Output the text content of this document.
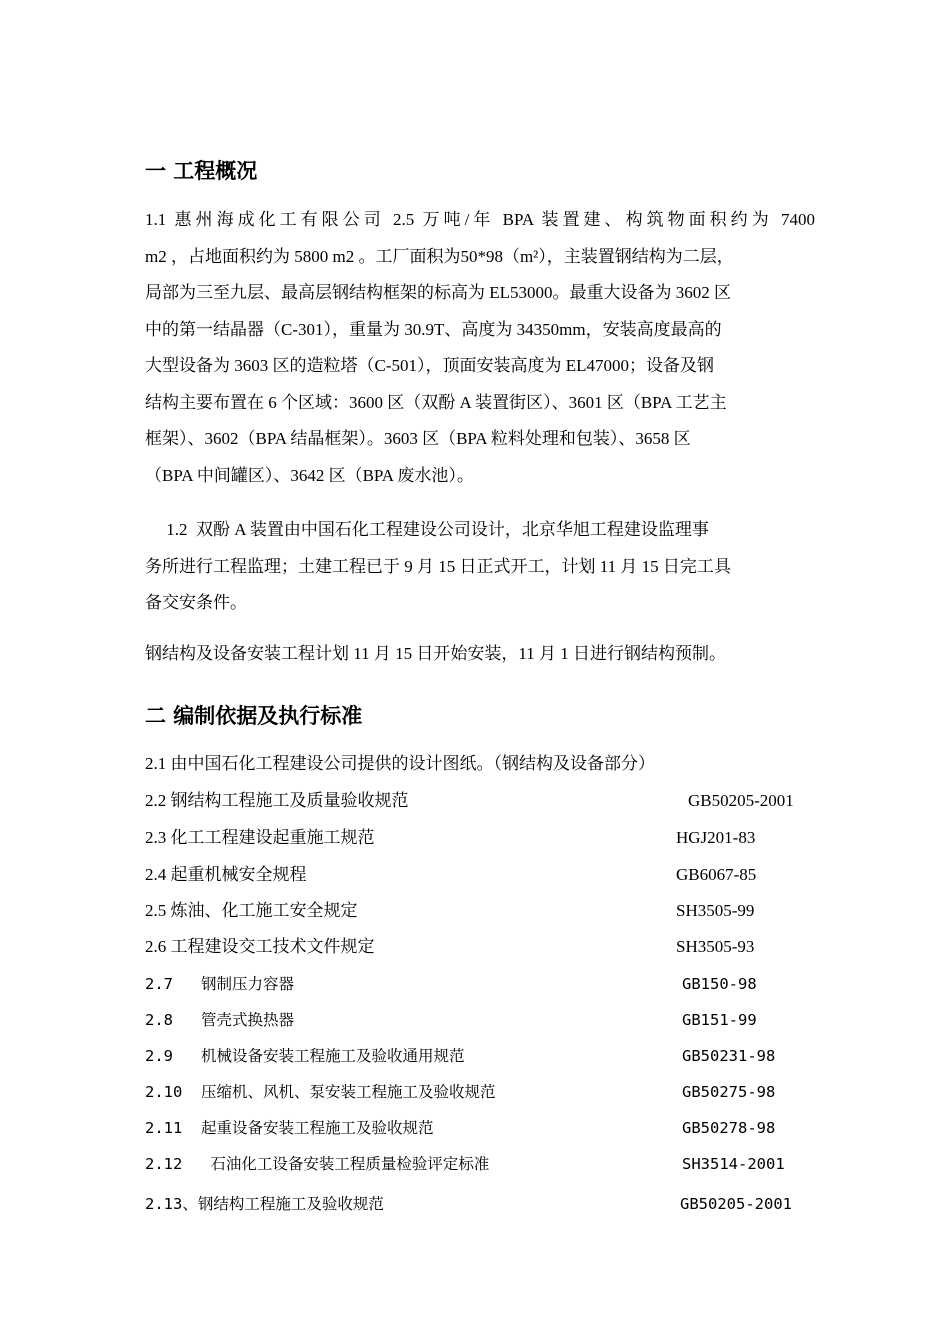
一 工程概况
1.1 惠州海成化工有限公司 2.5 万吨/年 BPA 装置建、构筑物面积约为 7400
m2 ，占地面积约为 5800 m2 。工厂面积为50*98（m²），主装置钢结构为二层，
局部为三至九层、最高层钢结构框架的标高为 EL53000。最重大设备为 3602 区
中的第一结晶器（C-301），重量为 30.9T、高度为 34350mm，安装高度最高的
大型设备为 3603 区的造粒塔（C-501），顶面安装高度为 EL47000；设备及钢
结构主要布置在 6 个区域：3600 区（双酚 A 装置街区）、3601 区（BPA 工艺主
框架）、3602（BPA 结晶框架）。3603 区（BPA 粒料处理和包装）、3658 区
（BPA 中间罐区）、3642 区（BPA 废水池）。
1.2  双酚 A 装置由中国石化工程建设公司设计，北京华旭工程建设监理事
务所进行工程监理；土建工程已于 9 月 15 日正式开工，计划 11 月 15 日完工具
备交安条件。
钢结构及设备安装工程计划 11 月 15 日开始安装，11 月 1 日进行钢结构预制。
二 编制依据及执行标准
2.1 由中国石化工程建设公司提供的设计图纸。（钢结构及设备部分）
2.2 钢结构工程施工及质量验收规范	GB50205-2001
2.3 化工工程建设起重施工规范	HGJ201-83
2.4 起重机械安全规程	GB6067-85
2.5 炼油、化工施工安全规定	SH3505-99
2.6 工程建设交工技术文件规定	SH3505-93
2.7   钢制压力容器	GB150-98
2.8   管壳式换热器	GB151-99
2.9   机械设备安装工程施工及验收通用规范	GB50231-98
2.10  压缩机、风机、泵安装工程施工及验收规范	GB50275-98
2.11  起重设备安装工程施工及验收规范	GB50278-98
2.12   石油化工设备安装工程质量检验评定标准	SH3514-2001
2.13、钢结构工程施工及验收规范	GB50205-2001
